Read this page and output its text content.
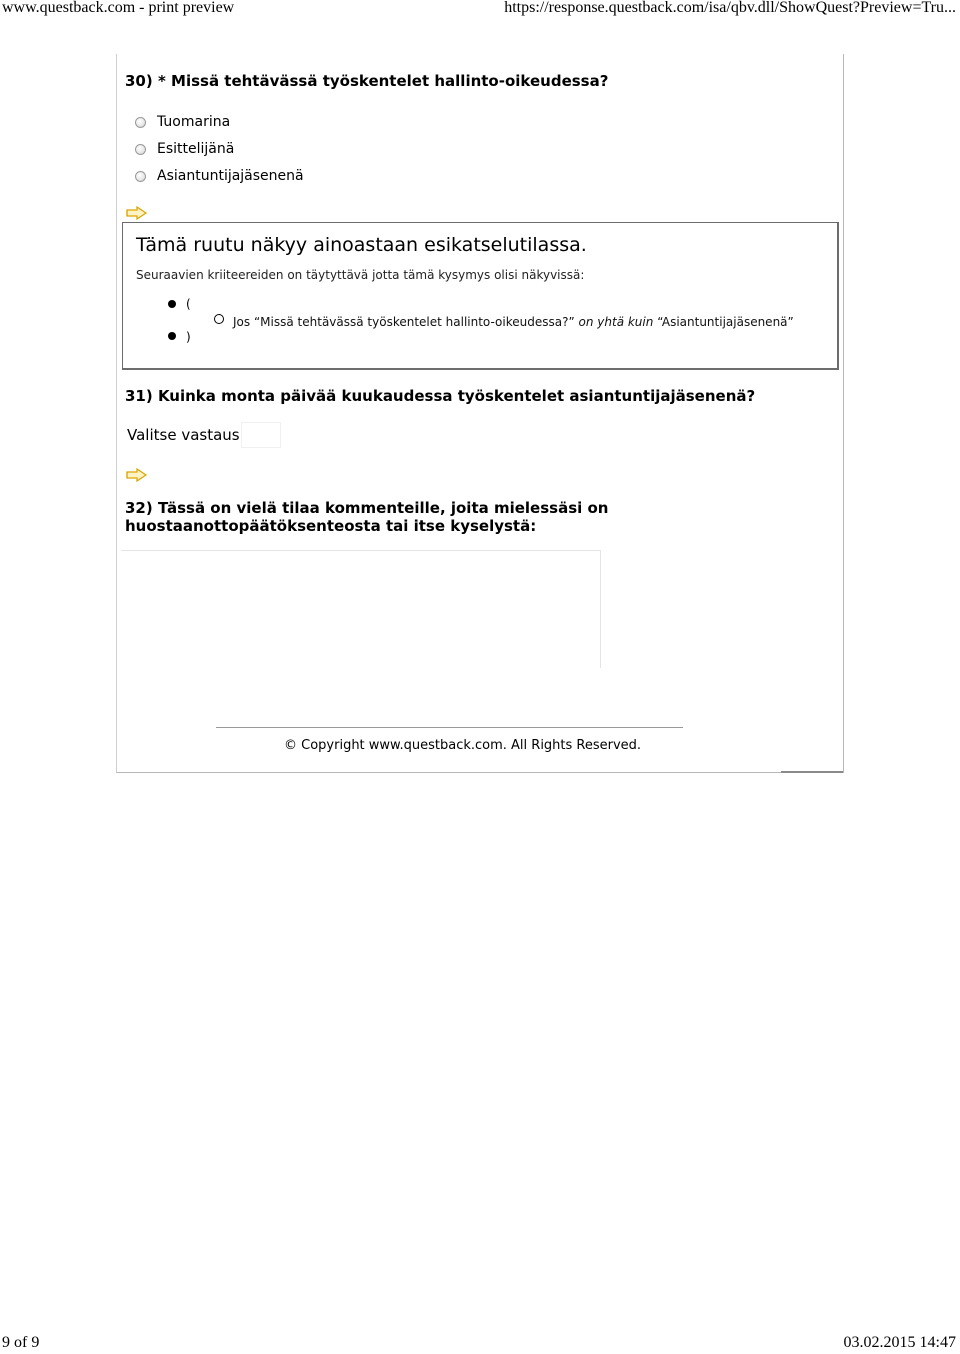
www.questback.com - print preview	https://response.questback.com/isa/qbv.dll/ShowQuest?Preview=Tru...
30) * Missä tehtävässä työskentelet hallinto-oikeudessa?
Tuomarina
Esittelijänä
Asiantuntijajäsenenä
Tämä ruutu näkyy ainoastaan esikatselutilassa.
Seuraavien kriiteereiden on täytyttävä jotta tämä kysymys olisi näkyvissä:
(
)
Jos “Missä tehtävässä työskentelet hallinto-oikeudessa?” on yhtä kuin “Asiantuntijajäsenenä”
31) Kuinka monta päivää kuukaudessa työskentelet asiantuntijajäsenenä?
Valitse vastaus
32) Tässä on vielä tilaa kommenteille, joita mielessäsi on huostaanottopäätöksenteosta tai itse kyselystä:
© Copyright www.questback.com. All Rights Reserved.
9 of 9	03.02.2015 14:47
